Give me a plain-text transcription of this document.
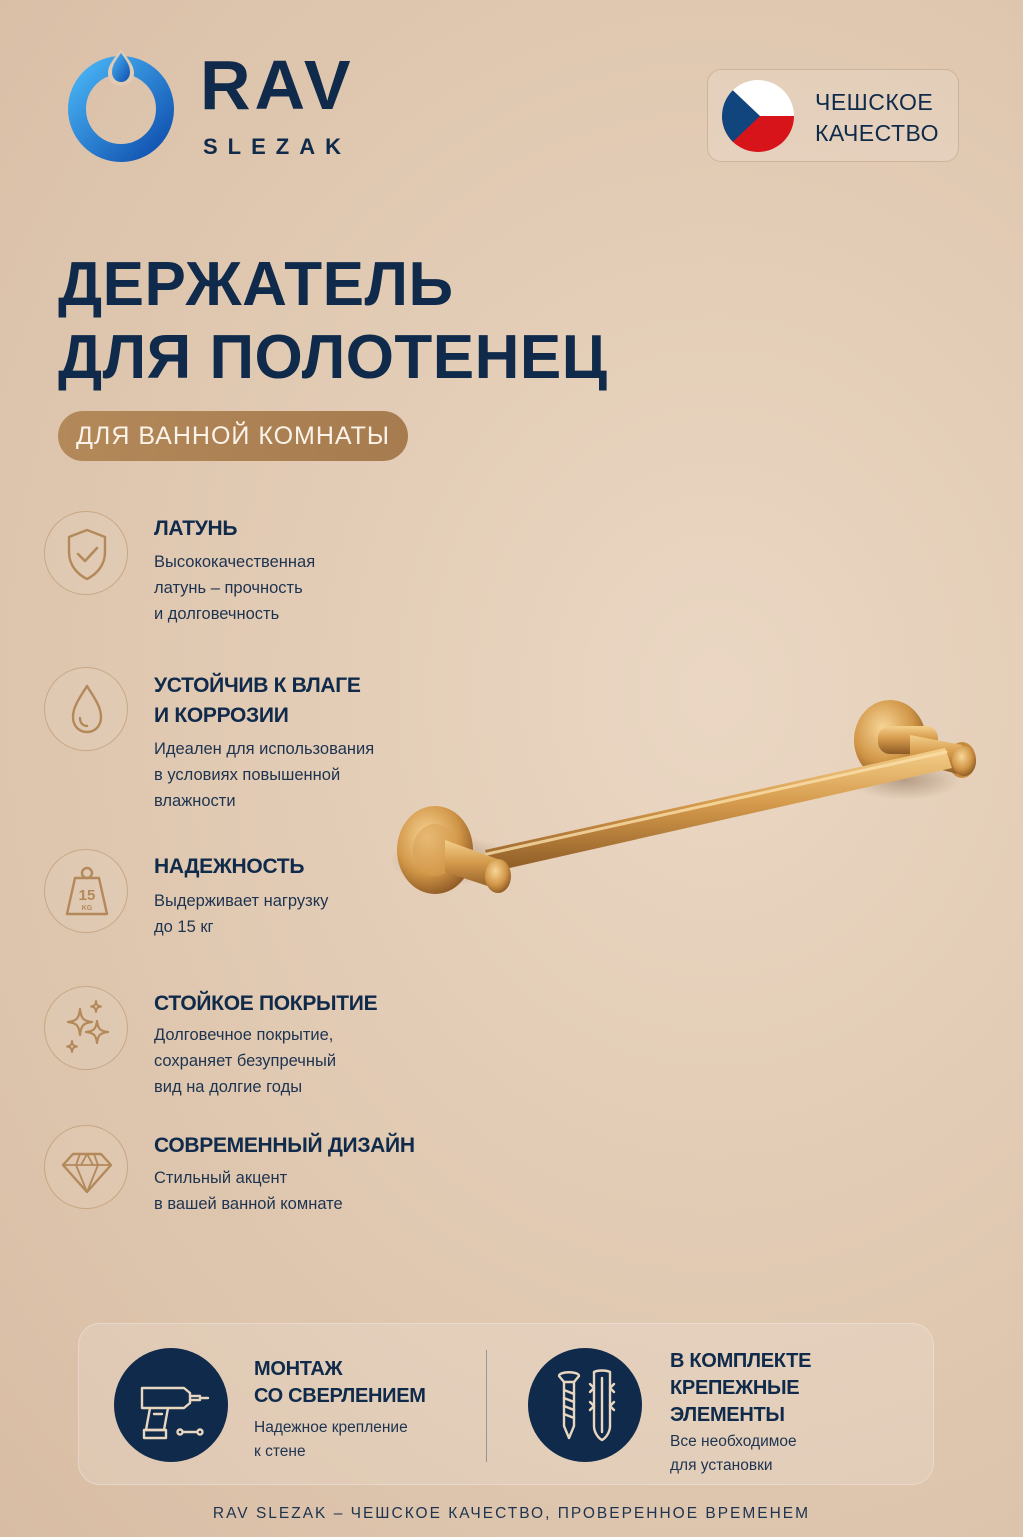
RAV
SLEZAK
ЧЕШСКОЕ
КАЧЕСТВО
ДЕРЖАТЕЛЬ
ДЛЯ ПОЛОТЕНЕЦ
ДЛЯ ВАННОЙ КОМНАТЫ
ЛАТУНЬ
Высококачественная
латунь – прочность
и долговечность
УСТОЙЧИВ К ВЛАГЕ
И КОРРОЗИИ
Идеален для использования
в условиях повышенной
влажности
15
KG
НАДЕЖНОСТЬ
Выдерживает нагрузку
до 15 кг
СТОЙКОЕ ПОКРЫТИЕ
Долговечное покрытие,
сохраняет безупречный
вид на долгие годы
СОВРЕМЕННЫЙ ДИЗАЙН
Стильный акцент
в вашей ванной комнате
МОНТАЖ
СО СВЕРЛЕНИЕМ
Надежное крепление
к стене
В КОМПЛЕКТЕ
КРЕПЕЖНЫЕ
ЭЛЕМЕНТЫ
Все необходимое
для установки
RAV SLEZAK – ЧЕШСКОЕ КАЧЕСТВО, ПРОВЕРЕННОЕ ВРЕМЕНЕМ
